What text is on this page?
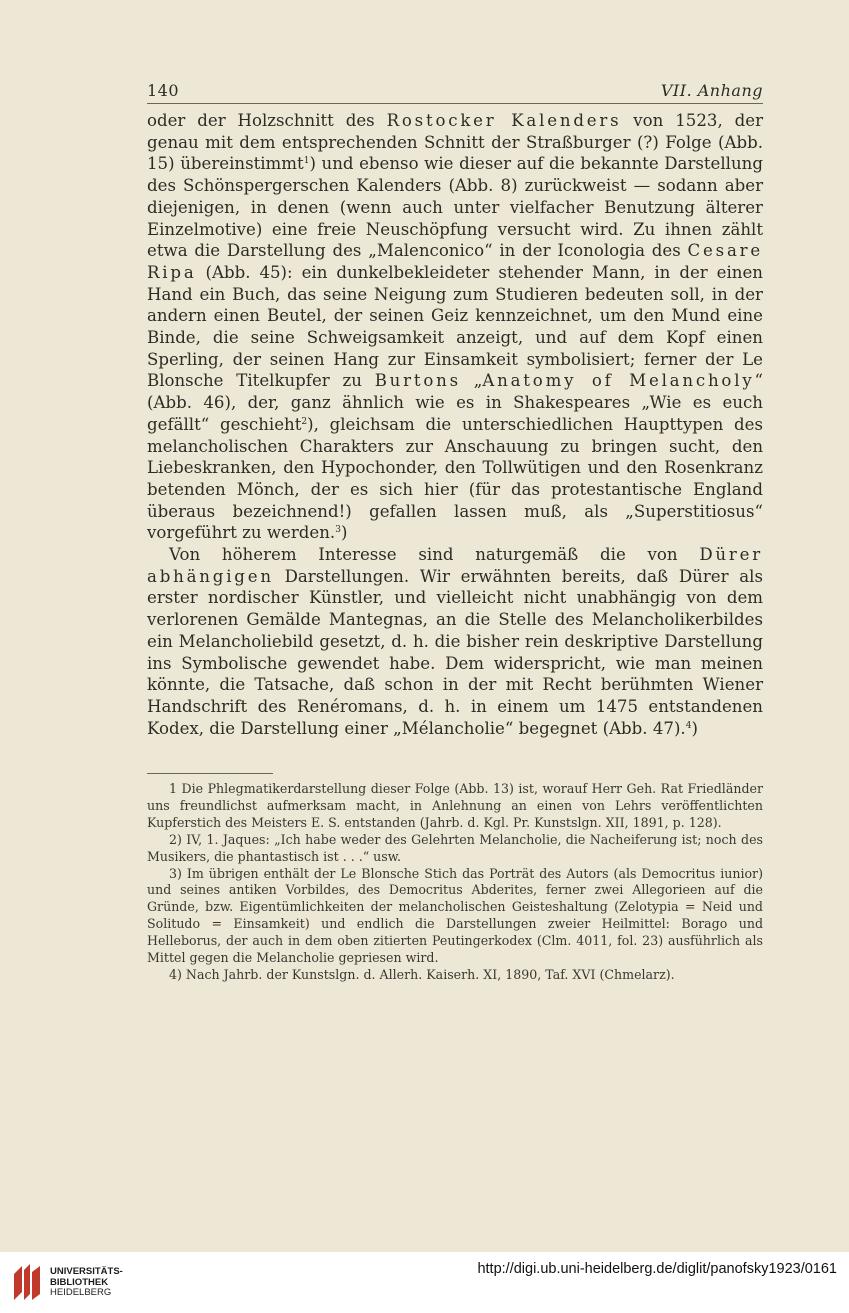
140	VII. Anhang

oder der Holzschnitt des Rostocker Kalenders von 1523, der genau mit dem entsprechenden Schnitt der Straßburger (?) Folge (Abb. 15) übereinstimmt$^1$) und ebenso wie dieser auf die bekannte Darstellung des Schönspergerschen Kalenders (Abb. 8) zurückweist — sodann aber diejenigen, in denen (wenn auch unter vielfacher Benutzung älterer Einzelmotive) eine freie Neuschöpfung versucht wird. Zu ihnen zählt etwa die Darstellung des „Malenconico“ in der Iconologia des Cesare Ripa (Abb. 45): ein dunkelbekleideter stehender Mann, in der einen Hand ein Buch, das seine Neigung zum Studieren bedeuten soll, in der andern einen Beutel, der seinen Geiz kennzeichnet, um den Mund eine Binde, die seine Schweigsamkeit anzeigt, und auf dem Kopf einen Sperling, der seinen Hang zur Einsamkeit symbolisiert; ferner der Le Blonsche Titelkupfer zu Burtons „Anatomy of Melancholy“ (Abb. 46), der, ganz ähnlich wie es in Shakespeares „Wie es euch gefällt“ geschieht$^2$), gleichsam die unterschiedlichen Haupttypen des melancholischen Charakters zur Anschauung zu bringen sucht, den Liebeskranken, den Hypochonder, den Tollwütigen und den Rosenkranz betenden Mönch, der es sich hier (für das protestantische England überaus bezeichnend!) gefallen lassen muß, als „Superstitiosus“ vorgeführt zu werden.$^3$)

Von höherem Interesse sind naturgemäß die von Dürer abhängigen Darstellungen. Wir erwähnten bereits, daß Dürer als erster nordischer Künstler, und vielleicht nicht unabhängig von dem verlorenen Gemälde Mantegnas, an die Stelle des Melancholikerbildes ein Melancholiebild gesetzt, d. h. die bisher rein deskriptive Darstellung ins Symbolische gewendet habe. Dem widerspricht, wie man meinen könnte, die Tatsache, daß schon in der mit Recht berühmten Wiener Handschrift des Renéromans, d. h. in einem um 1475 entstandenen Kodex, die Darstellung einer „Mélancholie“ begegnet (Abb. 47).$^4$)

1 Die Phlegmatikerdarstellung dieser Folge (Abb. 13) ist, worauf Herr Geh. Rat Friedländer uns freundlichst aufmerksam macht, in Anlehnung an einen von Lehrs veröffentlichten Kupferstich des Meisters E. S. entstanden (Jahrb. d. Kgl. Pr. Kunstslgn. XII, 1891, p. 128).

2) IV, 1. Jaques: „Ich habe weder des Gelehrten Melancholie, die Nacheiferung ist; noch des Musikers, die phantastisch ist . . .“ usw.

3) Im übrigen enthält der Le Blonsche Stich das Porträt des Autors (als Democritus iunior) und seines antiken Vorbildes, des Democritus Abderites, ferner zwei Allegorieen auf die Gründe, bzw. Eigentümlichkeiten der melancholischen Geisteshaltung (Zelotypia = Neid und Solitudo = Einsamkeit) und endlich die Darstellungen zweier Heilmittel: Borago und Helleborus, der auch in dem oben zitierten Peutingerkodex (Clm. 4011, fol. 23) ausführlich als Mittel gegen die Melancholie gepriesen wird.

4) Nach Jahrb. der Kunstslgn. d. Allerh. Kaiserh. XI, 1890, Taf. XVI (Chmelarz).

UNIVERSITÄTS-
BIBLIOTHEK
HEIDELBERG
http://digi.ub.uni-heidelberg.de/diglit/panofsky1923/0161
